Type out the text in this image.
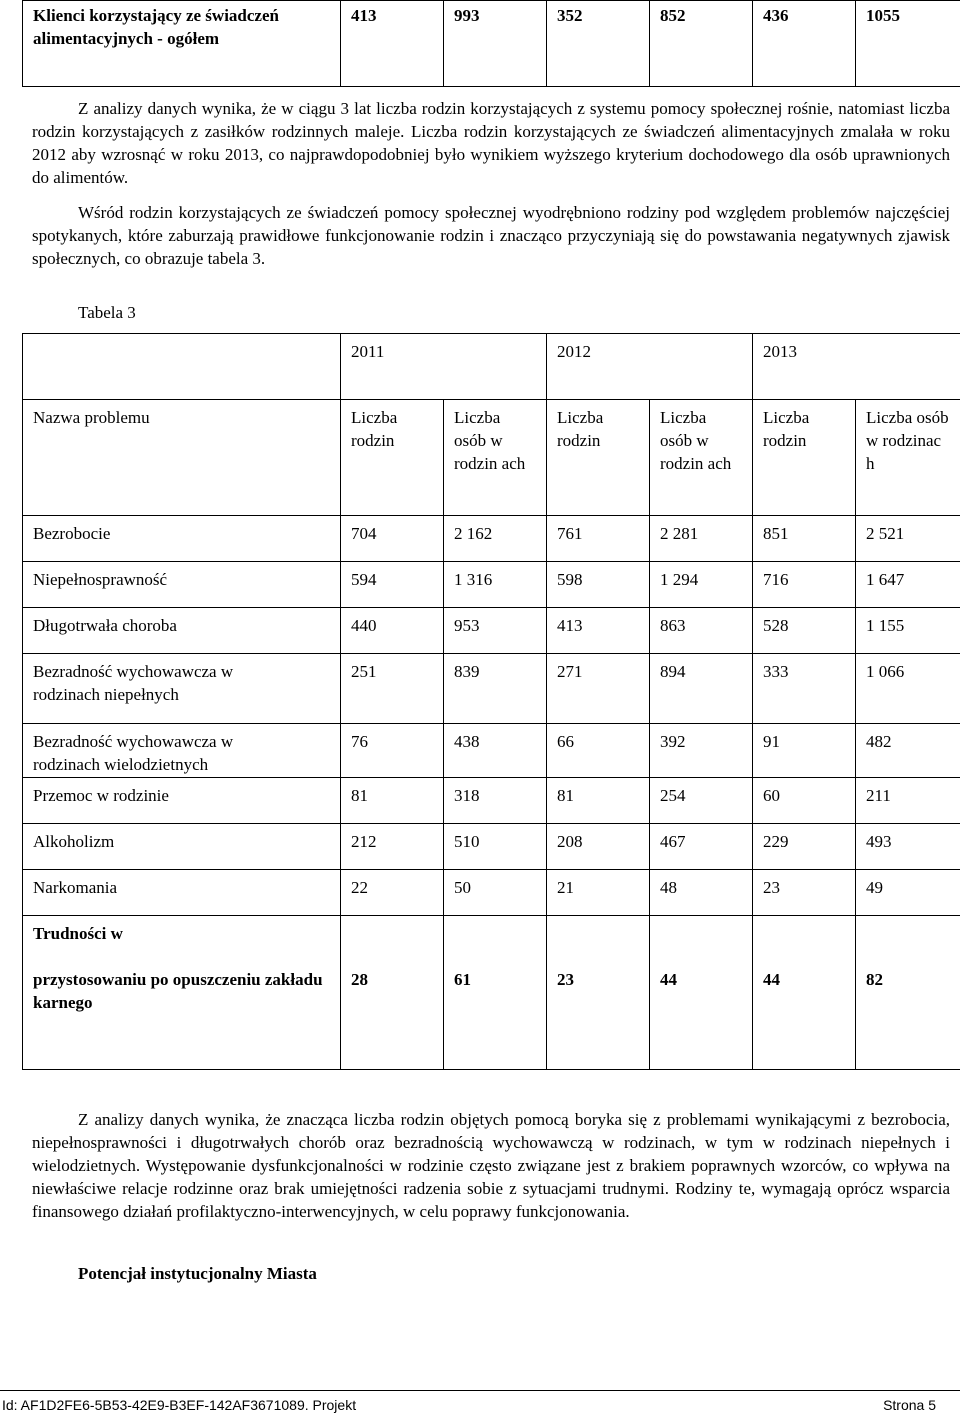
Klienci korzystający ze świadczeń alimentacyjnych - ogółem	413	993	352	852	436	1055
Z analizy danych wynika, że w ciągu 3 lat liczba rodzin korzystających z systemu pomocy społecznej rośnie, natomiast liczba rodzin korzystających z zasiłków rodzinnych maleje. Liczba rodzin korzystających ze świadczeń alimentacyjnych zmalała w roku 2012 aby wzrosnąć w roku 2013, co najprawdopodobniej było wynikiem wyższego kryterium dochodowego dla osób uprawnionych do alimentów.
Wśród rodzin korzystających ze świadczeń pomocy społecznej wyodrębniono rodziny pod względem problemów najczęściej spotykanych, które zaburzają prawidłowe funkcjonowanie rodzin i znacząco przyczyniają się do powstawania negatywnych zjawisk społecznych, co obrazuje tabela 3.
Tabela 3
	2011		2012		2013	
Nazwa problemu	Liczba rodzin	Liczba osób w rodzin ach	Liczba rodzin	Liczba osób w rodzin ach	Liczba rodzin	Liczba osób w rodzinac h
Bezrobocie	704	2 162	761	2 281	851	2 521
Niepełnosprawność	594	1 316	598	1 294	716	1 647
Długotrwała choroba	440	953	413	863	528	1 155
Bezradność wychowawcza w rodzinach niepełnych	251	839	271	894	333	1 066
Bezradność wychowawcza w rodzinach wielodzietnych	76	438	66	392	91	482
Przemoc w rodzinie	81	318	81	254	60	211
Alkoholizm	212	510	208	467	229	493
Narkomania	22	50	21	48	23	49

Trudności w
przystosowaniu po opuszczeniu zakładu karnego	28	61	23	44	44	82
Z analizy danych wynika, że znacząca liczba rodzin objętych pomocą boryka się z problemami wynikającymi z bezrobocia, niepełnosprawności i długotrwałych chorób oraz bezradnością wychowawczą w rodzinach, w tym w rodzinach niepełnych i wielodzietnych. Występowanie dysfunkcjonalności w rodzinie często związane jest z brakiem poprawnych wzorców, co wpływa na niewłaściwe relacje rodzinne oraz brak umiejętności radzenia sobie z sytuacjami trudnymi. Rodziny te, wymagają oprócz wsparcia finansowego działań profilaktyczno-interwencyjnych, w celu poprawy funkcjonowania.
Potencjał instytucjonalny Miasta
Id: AF1D2FE6-5B53-42E9-B3EF-142AF3671089. Projekt	Strona 5
